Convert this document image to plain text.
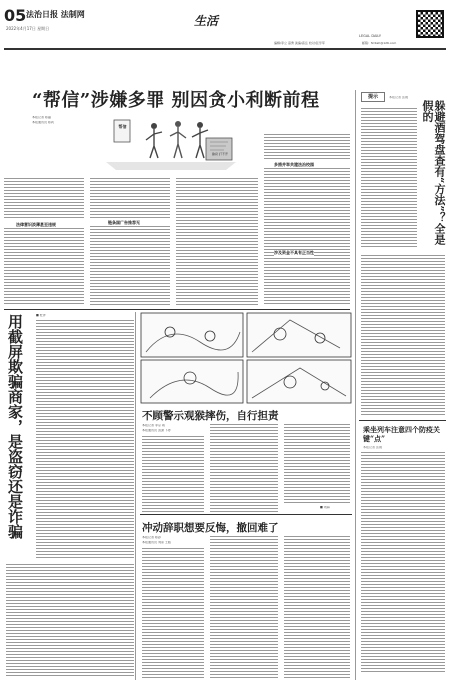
05 法治日报 法制网
2022年4月17日 星期日
生活
LEGAL DAILY
编辑/李立 高勇 美编/高岳 校对/张学军	邮箱：fzrbsh@126.com
“帮信”涉嫌多罪 别因贪小利断前程
本报记者 陈磊
本报通讯员 陈莉
帮信
偷窃 打不开
法律意识淡薄甚至违规	链条国广告推荐无
多措并举共建法治校园
涉及资金不具有正当性
提示	本报记者 张晨
躲避酒驾盘查有“方法”？全是假的
乘坐列车注意四个防疫关键“点”
本报记者 张晨
用截屏欺骗商家，是盗窃还是诈骗	■ 杜洋
不顾警示观猴摔伤，自行担责
本报记者 李京 雨
本报通讯员 袁潇 下亦
■ 刘海
冲动辞职想要反悔，撤回难了
本报记者 陈孙
本报通讯员 刘彦 王瓶
